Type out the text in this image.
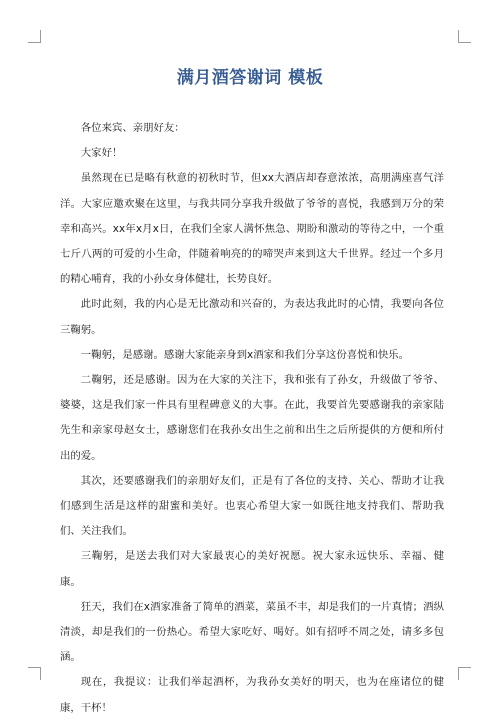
满月酒答谢词 模板

各位来宾、亲朋好友：

大家好！

虽然现在已是略有秋意的初秋时节，但xx大酒店却春意浓浓，高朋满座喜气洋洋。大家应邀欢聚在这里，与我共同分享我升级做了爷爷的喜悦，我感到万分的荣幸和高兴。xx年x月x日，在我们全家人满怀焦急、期盼和激动的等待之中，一个重七斤八两的可爱的小生命，伴随着响亮的的啼哭声来到这大千世界。经过一个多月的精心哺育，我的小孙女身体健壮，长势良好。

此时此刻，我的内心是无比激动和兴奋的，为表达我此时的心情，我要向各位三鞠躬。

一鞠躬，是感谢。感谢大家能亲身到x酒家和我们分享这份喜悦和快乐。

二鞠躬，还是感谢。因为在大家的关注下，我和张有了孙女，升级做了爷爷、婆婆，这是我们家一件具有里程碑意义的大事。在此，我要首先要感谢我的亲家陆先生和亲家母赵女士，感谢您们在我孙女出生之前和出生之后所提供的方便和所付出的爱。

其次，还要感谢我们的亲朋好友们，正是有了各位的支持、关心、帮助才让我们感到生活是这样的甜蜜和美好。也衷心希望大家一如既往地支持我们、帮助我们、关注我们。

三鞠躬，是送去我们对大家最衷心的美好祝愿。祝大家永远快乐、幸福、健康。

狂天，我们在x酒家准备了简单的酒菜，菜虽不丰，却是我们的一片真情；酒纵清淡，却是我们的一份热心。希望大家吃好、喝好。如有招呼不周之处，请多多包涵。

现在，我提议：让我们举起酒杯，为我孙女美好的明天，也为在座诸位的健康，干杯！
